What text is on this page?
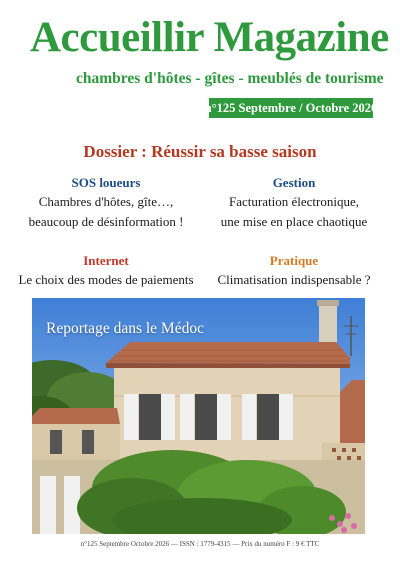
Accueillir Magazine
chambres d'hôtes - gîtes - meublés de tourisme
n°125 Septembre / Octobre 2026
Dossier : Réussir sa basse saison
SOS loueurs
Chambres d'hôtes, gîte…,
beaucoup de désinformation !
Gestion
Facturation électronique,
une mise en place chaotique
Internet
Le choix des modes de paiements
Pratique
Climatisation indispensable ?
Reportage dans le Médoc
n°125 Septembre Octobre 2026 — ISSN : 1779-4315 — Prix du numéro F : 9 € TTC
